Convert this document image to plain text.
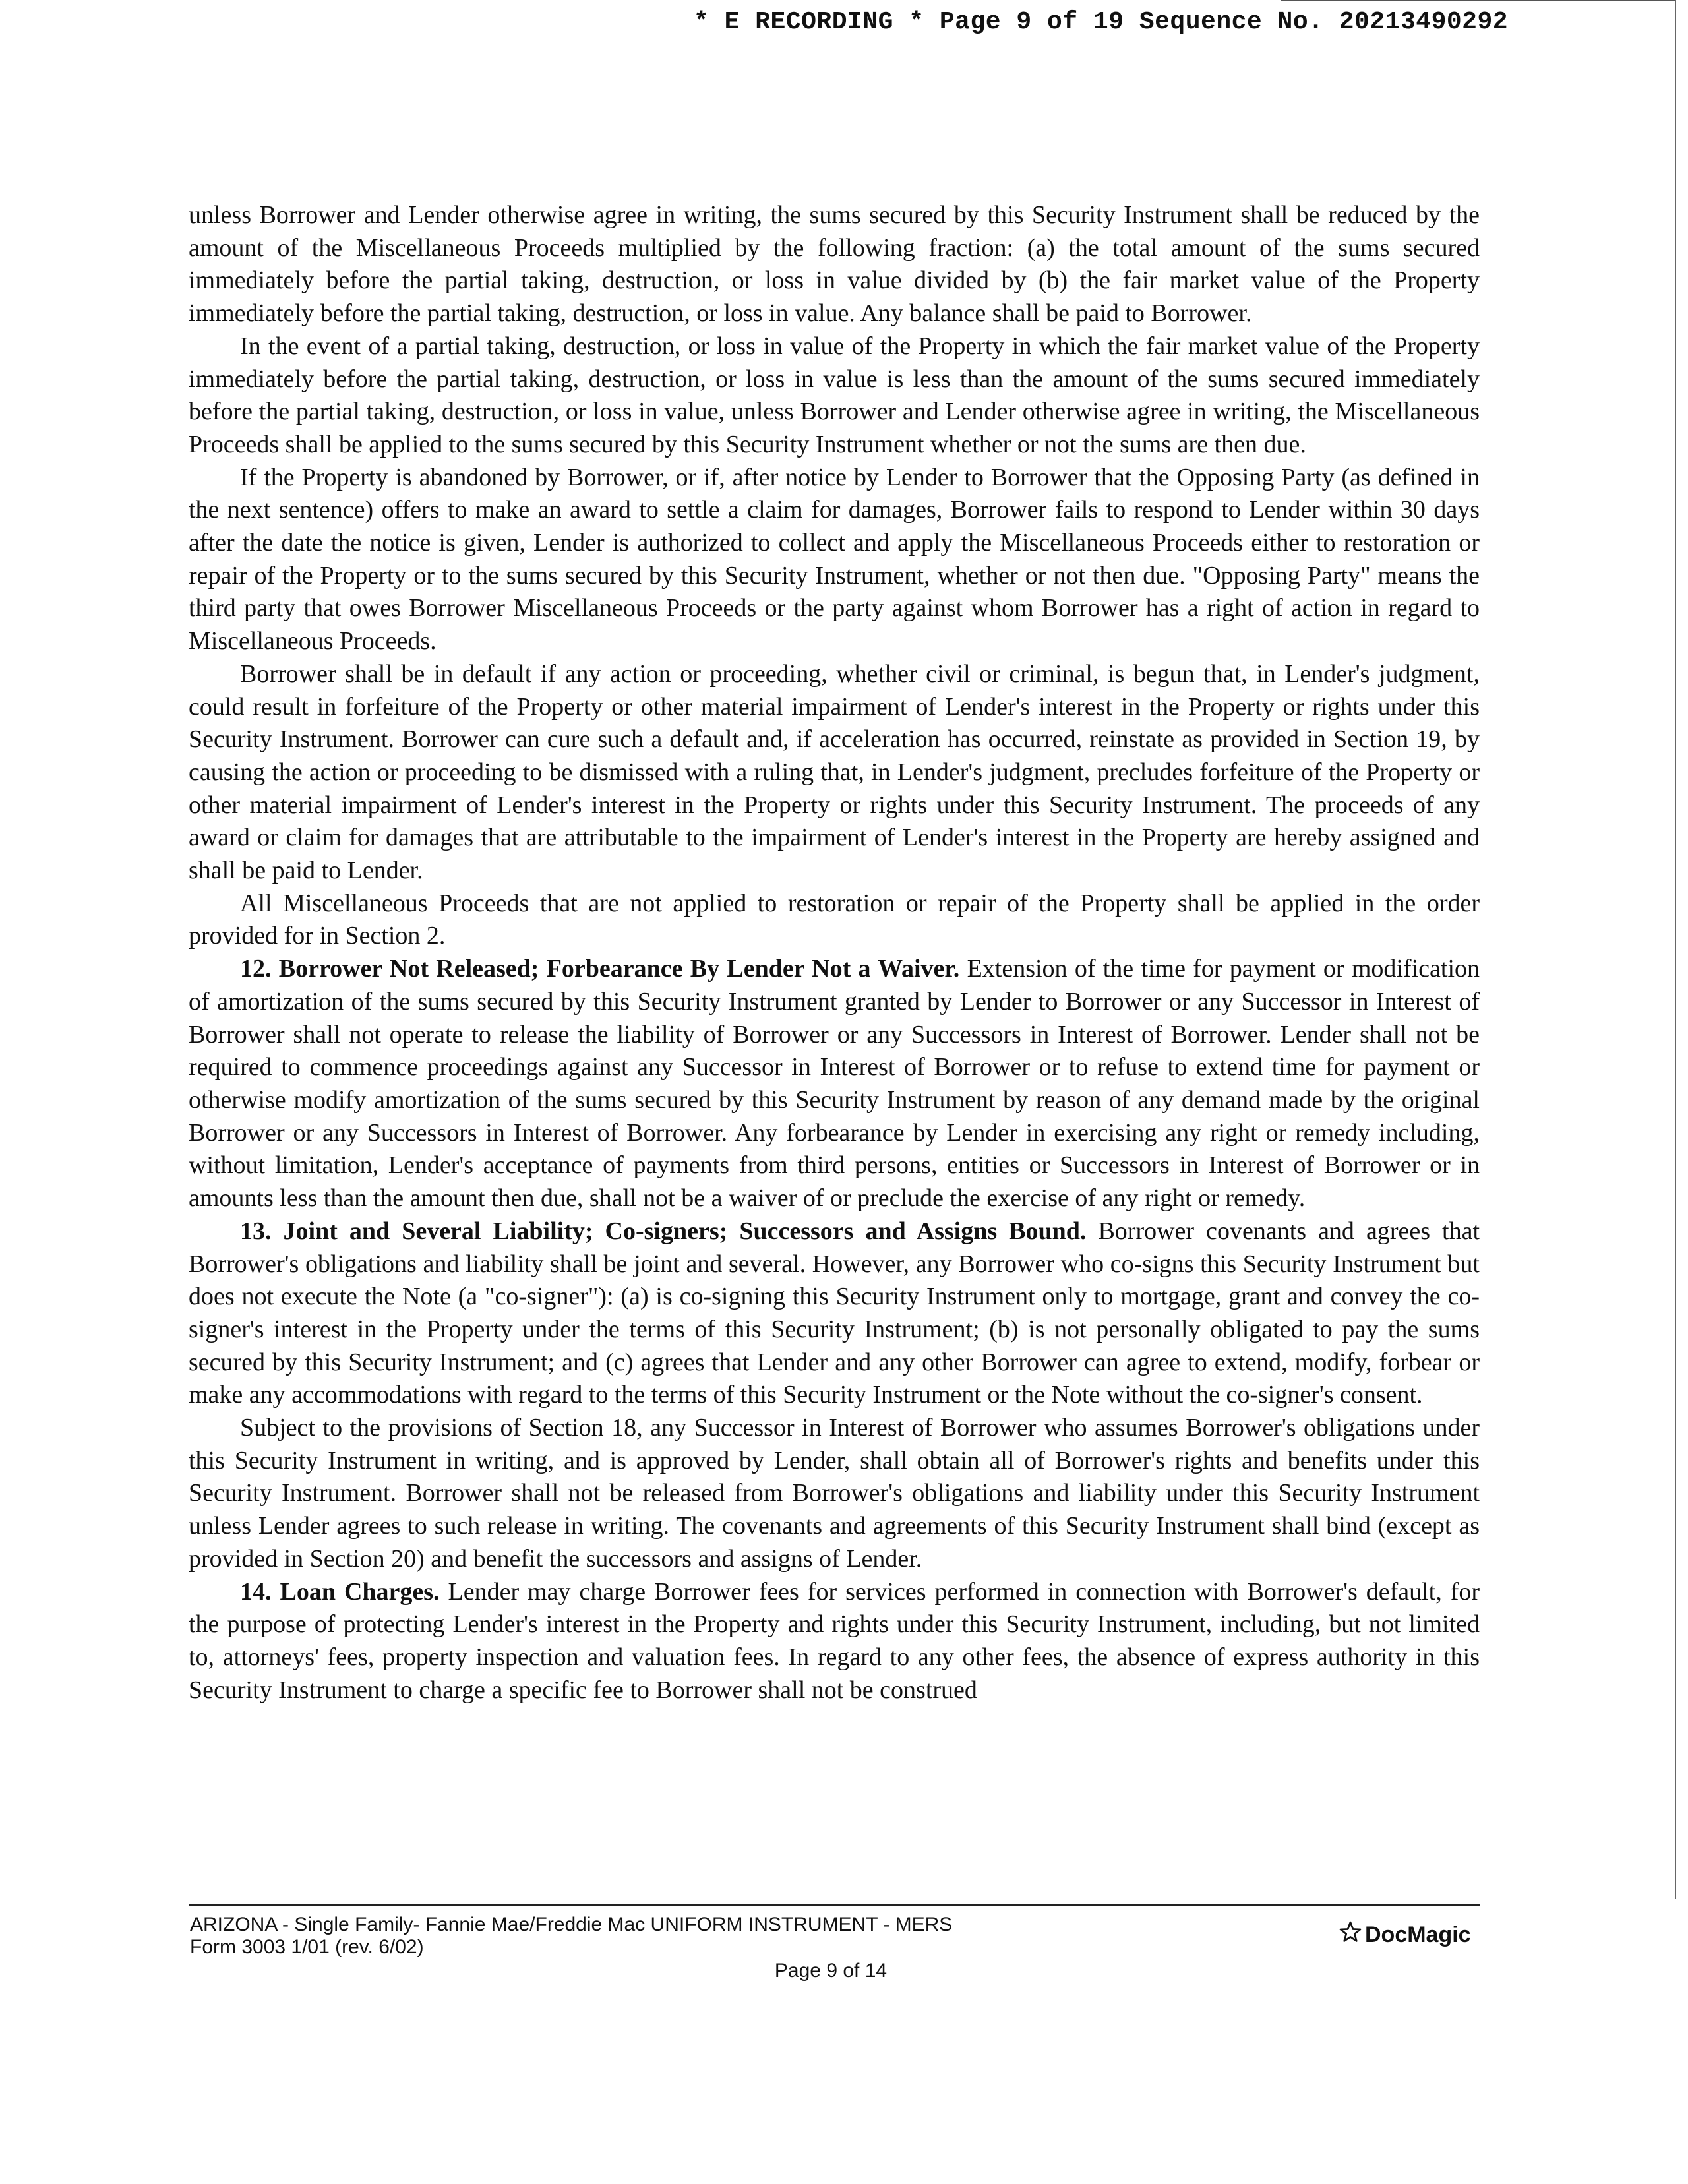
* E RECORDING * Page 9 of 19 Sequence No. 20213490292

unless Borrower and Lender otherwise agree in writing, the sums secured by this Security Instrument shall be reduced by the amount of the Miscellaneous Proceeds multiplied by the following fraction: (a) the total amount of the sums secured immediately before the partial taking, destruction, or loss in value divided by (b) the fair market value of the Property immediately before the partial taking, destruction, or loss in value. Any balance shall be paid to Borrower.

In the event of a partial taking, destruction, or loss in value of the Property in which the fair market value of the Property immediately before the partial taking, destruction, or loss in value is less than the amount of the sums secured immediately before the partial taking, destruction, or loss in value, unless Borrower and Lender otherwise agree in writing, the Miscellaneous Proceeds shall be applied to the sums secured by this Security Instrument whether or not the sums are then due.

If the Property is abandoned by Borrower, or if, after notice by Lender to Borrower that the Opposing Party (as defined in the next sentence) offers to make an award to settle a claim for damages, Borrower fails to respond to Lender within 30 days after the date the notice is given, Lender is authorized to collect and apply the Miscellaneous Proceeds either to restoration or repair of the Property or to the sums secured by this Security Instrument, whether or not then due. "Opposing Party" means the third party that owes Borrower Miscellaneous Proceeds or the party against whom Borrower has a right of action in regard to Miscellaneous Proceeds.

Borrower shall be in default if any action or proceeding, whether civil or criminal, is begun that, in Lender's judgment, could result in forfeiture of the Property or other material impairment of Lender's interest in the Property or rights under this Security Instrument. Borrower can cure such a default and, if acceleration has occurred, reinstate as provided in Section 19, by causing the action or proceeding to be dismissed with a ruling that, in Lender's judgment, precludes forfeiture of the Property or other material impairment of Lender's interest in the Property or rights under this Security Instrument. The proceeds of any award or claim for damages that are attributable to the impairment of Lender's interest in the Property are hereby assigned and shall be paid to Lender.

All Miscellaneous Proceeds that are not applied to restoration or repair of the Property shall be applied in the order provided for in Section 2.

12. Borrower Not Released; Forbearance By Lender Not a Waiver. Extension of the time for payment or modification of amortization of the sums secured by this Security Instrument granted by Lender to Borrower or any Successor in Interest of Borrower shall not operate to release the liability of Borrower or any Successors in Interest of Borrower. Lender shall not be required to commence proceedings against any Successor in Interest of Borrower or to refuse to extend time for payment or otherwise modify amortization of the sums secured by this Security Instrument by reason of any demand made by the original Borrower or any Successors in Interest of Borrower. Any forbearance by Lender in exercising any right or remedy including, without limitation, Lender's acceptance of payments from third persons, entities or Successors in Interest of Borrower or in amounts less than the amount then due, shall not be a waiver of or preclude the exercise of any right or remedy.

13. Joint and Several Liability; Co-signers; Successors and Assigns Bound. Borrower covenants and agrees that Borrower's obligations and liability shall be joint and several. However, any Borrower who co-signs this Security Instrument but does not execute the Note (a "co-signer"): (a) is co-signing this Security Instrument only to mortgage, grant and convey the co-signer's interest in the Property under the terms of this Security Instrument; (b) is not personally obligated to pay the sums secured by this Security Instrument; and (c) agrees that Lender and any other Borrower can agree to extend, modify, forbear or make any accommodations with regard to the terms of this Security Instrument or the Note without the co-signer's consent.

Subject to the provisions of Section 18, any Successor in Interest of Borrower who assumes Borrower's obligations under this Security Instrument in writing, and is approved by Lender, shall obtain all of Borrower's rights and benefits under this Security Instrument. Borrower shall not be released from Borrower's obligations and liability under this Security Instrument unless Lender agrees to such release in writing. The covenants and agreements of this Security Instrument shall bind (except as provided in Section 20) and benefit the successors and assigns of Lender.

14. Loan Charges. Lender may charge Borrower fees for services performed in connection with Borrower's default, for the purpose of protecting Lender's interest in the Property and rights under this Security Instrument, including, but not limited to, attorneys' fees, property inspection and valuation fees. In regard to any other fees, the absence of express authority in this Security Instrument to charge a specific fee to Borrower shall not be construed

ARIZONA - Single Family- Fannie Mae/Freddie Mac UNIFORM INSTRUMENT - MERS
Form 3003 1/01 (rev. 6/02)	DocMagic
Page 9 of 14
